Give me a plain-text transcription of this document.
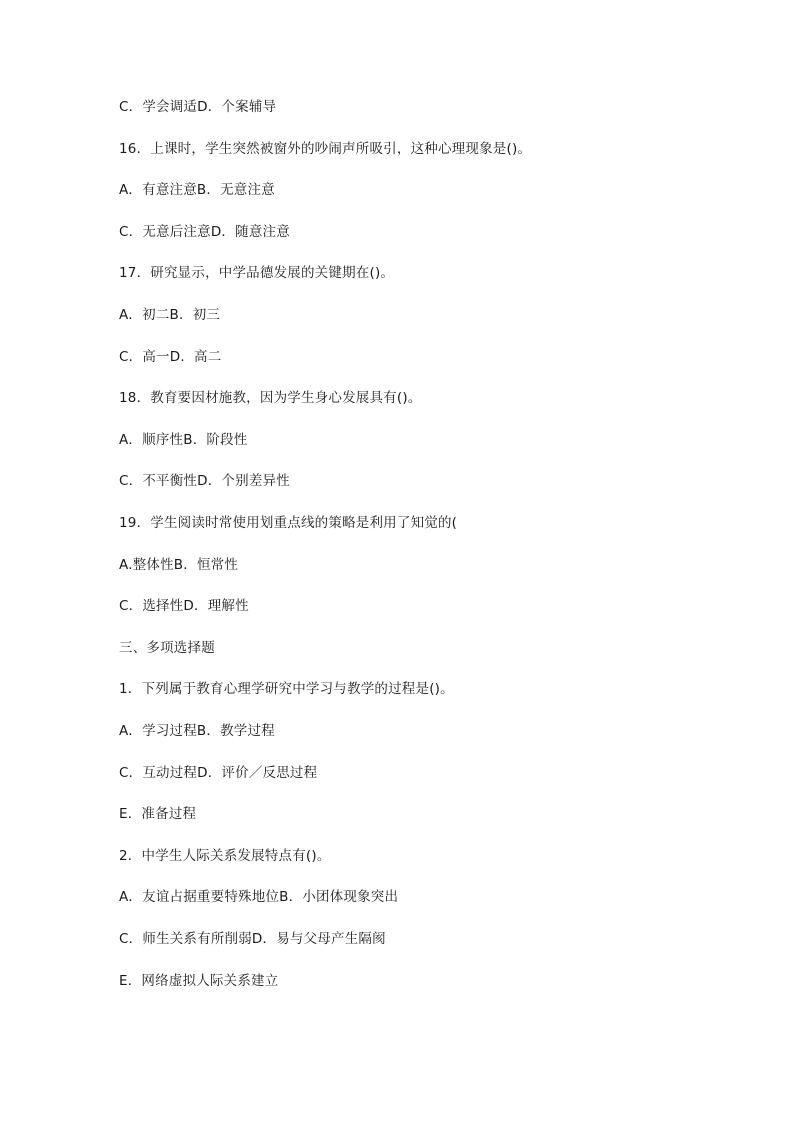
C．学会调适D．个案辅导

16．上课时，学生突然被窗外的吵闹声所吸引，这种心理现象是()。

A．有意注意B．无意注意

C．无意后注意D．随意注意

17．研究显示，中学品德发展的关键期在()。

A．初二B．初三

C．高一D．高二

18．教育要因材施教，因为学生身心发展具有()。

A．顺序性B．阶段性

C．不平衡性D．个别差异性

19．学生阅读时常使用划重点线的策略是利用了知觉的(

A.整体性B．恒常性

C．选择性D．理解性

三、多项选择题

1．下列属于教育心理学研究中学习与教学的过程是()。

A．学习过程B．教学过程

C．互动过程D．评价／反思过程

E．准备过程

2．中学生人际关系发展特点有()。

A．友谊占据重要特殊地位B．小团体现象突出

C．师生关系有所削弱D．易与父母产生隔阂

E．网络虚拟人际关系建立
